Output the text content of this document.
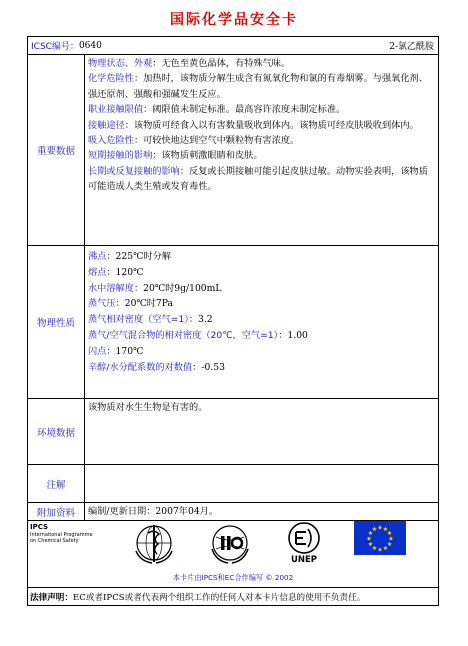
国际化学品安全卡
ICSC编号： 0640	2-氯乙酰胺
重要数据
物理状态、外观：无色至黄色晶体，有特殊气味。
化学危险性：加热时，该物质分解生成含有氮氧化物和氯的有毒烟雾。与强氧化剂、强还原剂、强酸和强碱发生反应。
职业接触限值：阈限值未制定标准。最高容许浓度未制定标准。
接触途径：该物质可经食入以有害数量吸收到体内。该物质可经皮肤吸收到体内。
吸入危险性：可较快地达到空气中颗粒物有害浓度。
短期接触的影响：该物质刺激眼睛和皮肤。
长期或反复接触的影响：反复或长期接触可能引起皮肤过敏。动物实验表明，该物质可能造成人类生殖或发育毒性。
物理性质
沸点：225℃时分解
熔点：120℃
水中溶解度：20℃时9g/100mL
蒸气压：20℃时7Pa
蒸气相对密度（空气=1）：3.2
蒸气/空气混合物的相对密度（20℃，空气=1）：1.00
闪点：170℃
辛醇/水分配系数的对数值：-0.53
环境数据
该物质对水生生物是有害的。
注解
附加资料	编制/更新日期：2007年04月。
IPCS
International Programme on Chemical Safety
UNEP
★
★
★
★
★
★
★
★
★ ★ ★
★
本卡片由IPCS和EC合作编写 © 2002
法律声明： EC或者IPCS或者代表两个组织工作的任何人对本卡片信息的使用不负责任。
